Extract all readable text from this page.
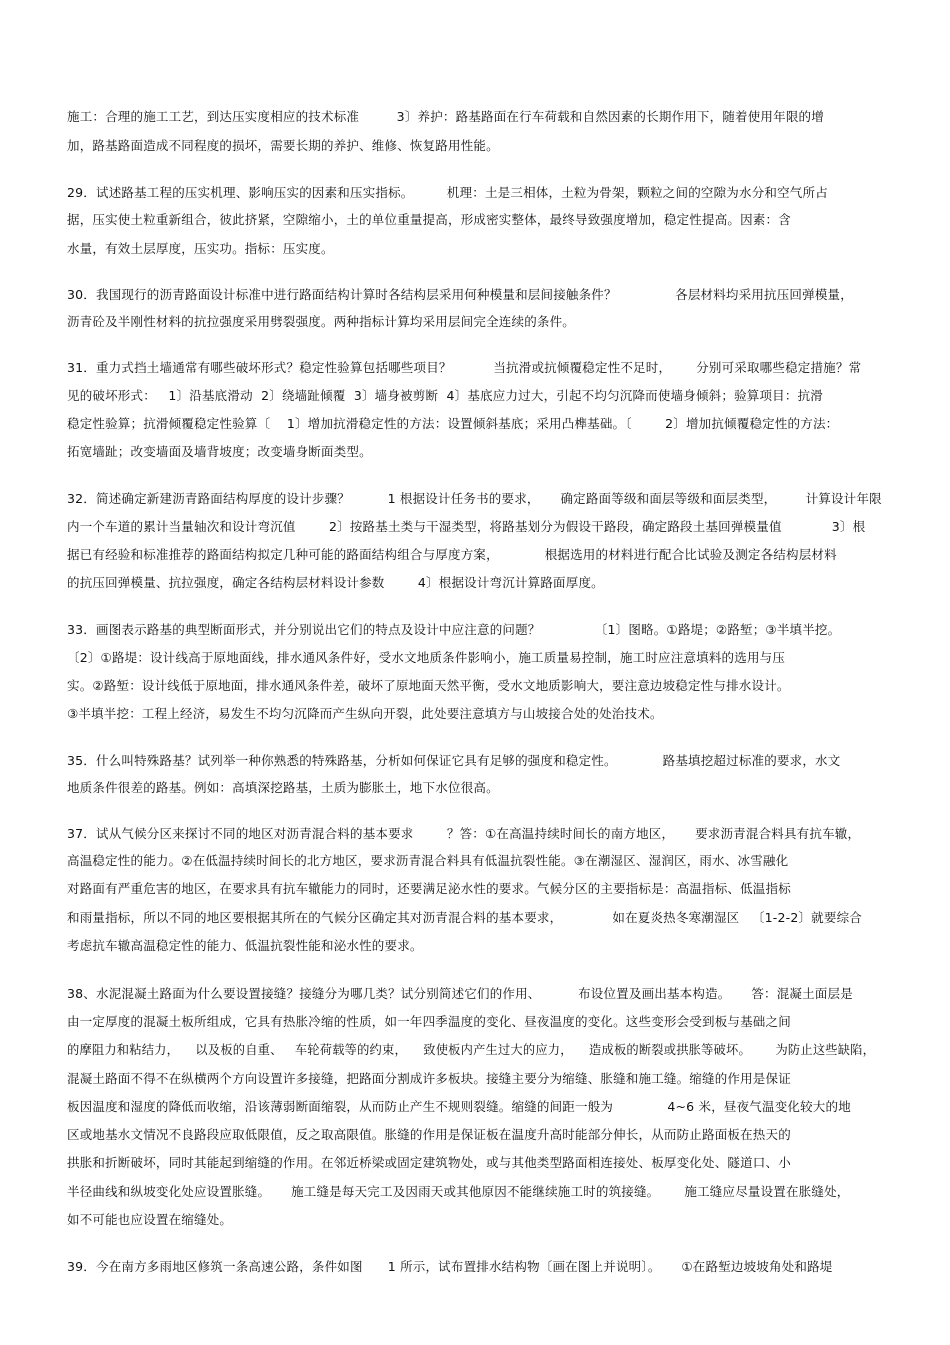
施工：合理的施工工艺，到达压实度相应的技术标准         3〕养护：路基路面在行车荷载和自然因素的长期作用下，随着使用年限的增
加，路基路面造成不同程度的损坏，需要长期的养护、维修、恢复路用性能。
29．试述路基工程的压实机理、影响压实的因素和压实指标。        机理：土是三相体，土粒为骨架，颗粒之间的空隙为水分和空气所占
据，压实使土粒重新组合，彼此挤紧，空隙缩小，土的单位重量提高，形成密实整体，最终导致强度增加，稳定性提高。因素：含
水量，有效土层厚度，压实功。指标：压实度。
30．我国现行的沥青路面设计标准中进行路面结构计算时各结构层采用何种模量和层间接触条件？              各层材料均采用抗压回弹模量，
沥青砼及半刚性材料的抗拉强度采用劈裂强度。两种指标计算均采用层间完全连续的条件。
31．重力式挡土墙通常有哪些破坏形式？稳定性验算包括哪些项目？          当抗滑或抗倾覆稳定性不足时，      分别可采取哪些稳定措施？常
见的破坏形式：   1〕沿基底滑动  2〕绕墙趾倾覆  3〕墙身被剪断  4〕基底应力过大，引起不均匀沉降而使墙身倾斜；验算项目：抗滑
稳定性验算；抗滑倾覆稳定性验算〔    1〕增加抗滑稳定性的方法：设置倾斜基底；采用凸榫基础。〔        2〕增加抗倾覆稳定性的方法：
拓宽墙趾；改变墙面及墙背坡度；改变墙身断面类型。
32．简述确定新建沥青路面结构厚度的设计步骤？         1 根据设计任务书的要求，     确定路面等级和面层等级和面层类型，       计算设计年限
内一个车道的累计当量轴次和设计弯沉值        2〕按路基土类与干湿类型，将路基划分为假设干路段，确定路段土基回弹模量值            3〕根
据已有经验和标准推荐的路面结构拟定几种可能的路面结构组合与厚度方案，           根据选用的材料进行配合比试验及测定各结构层材料
的抗压回弹模量、抗拉强度，确定各结构层材料设计参数        4〕根据设计弯沉计算路面厚度。
33．画图表示路基的典型断面形式，并分别说出它们的特点及设计中应注意的问题？             〔1〕图略。①路堤；②路堑；③半填半挖。
〔2〕①路堤：设计线高于原地面线，排水通风条件好，受水文地质条件影响小，施工质量易控制，施工时应注意填料的选用与压
实。②路堑：设计线低于原地面，排水通风条件差，破坏了原地面天然平衡，受水文地质影响大，要注意边坡稳定性与排水设计。
③半填半挖：工程上经济，易发生不均匀沉降而产生纵向开裂，此处要注意填方与山坡接合处的处治技术。
35．什么叫特殊路基？试列举一种你熟悉的特殊路基，分析如何保证它具有足够的强度和稳定性。           路基填挖超过标准的要求，水文
地质条件很差的路基。例如：高填深挖路基，土质为膨胀土，地下水位很高。
37．试从气候分区来探讨不同的地区对沥青混合料的基本要求        ？答：①在高温持续时间长的南方地区，     要求沥青混合料具有抗车辙，
高温稳定性的能力。②在低温持续时间长的北方地区，要求沥青混合料具有低温抗裂性能。③在潮湿区、湿润区，雨水、冰雪融化
对路面有严重危害的地区，在要求具有抗车辙能力的同时，还要满足泌水性的要求。气候分区的主要指标是：高温指标、低温指标
和雨量指标，所以不同的地区要根据其所在的气候分区确定其对沥青混合料的基本要求，            如在夏炎热冬寒潮湿区   〔1-2-2〕就要综合
考虑抗车辙高温稳定性的能力、低温抗裂性能和泌水性的要求。
38、水泥混凝土路面为什么要设置接缝？接缝分为哪几类？试分别简述它们的作用、         布设位置及画出基本构造。     答：混凝土面层是
由一定厚度的混凝土板所组成，它具有热胀冷缩的性质，如一年四季温度的变化、昼夜温度的变化。这些变形会受到板与基础之间
的摩阻力和粘结力，    以及板的自重、   车轮荷载等的约束，    致使板内产生过大的应力，    造成板的断裂或拱胀等破坏。      为防止这些缺陷，
混凝土路面不得不在纵横两个方向设置许多接缝，把路面分割成许多板块。接缝主要分为缩缝、胀缝和施工缝。缩缝的作用是保证
板因温度和湿度的降低而收缩，沿该薄弱断面缩裂，从而防止产生不规则裂缝。缩缝的间距一般为             4~6 米，昼夜气温变化较大的地
区或地基水文情况不良路段应取低限值，反之取高限值。胀缝的作用是保证板在温度升高时能部分伸长，从而防止路面板在热天的
拱胀和折断破坏，同时其能起到缩缝的作用。在邻近桥梁或固定建筑物处，或与其他类型路面相连接处、板厚变化处、隧道口、小
半径曲线和纵坡变化处应设置胀缝。     施工缝是每天完工及因雨天或其他原因不能继续施工时的筑接缝。      施工缝应尽量设置在胀缝处，
如不可能也应设置在缩缝处。
39．今在南方多雨地区修筑一条高速公路，条件如图      1 所示，试布置排水结构物〔画在图上并说明〕。     ①在路堑边坡坡角处和路堤
